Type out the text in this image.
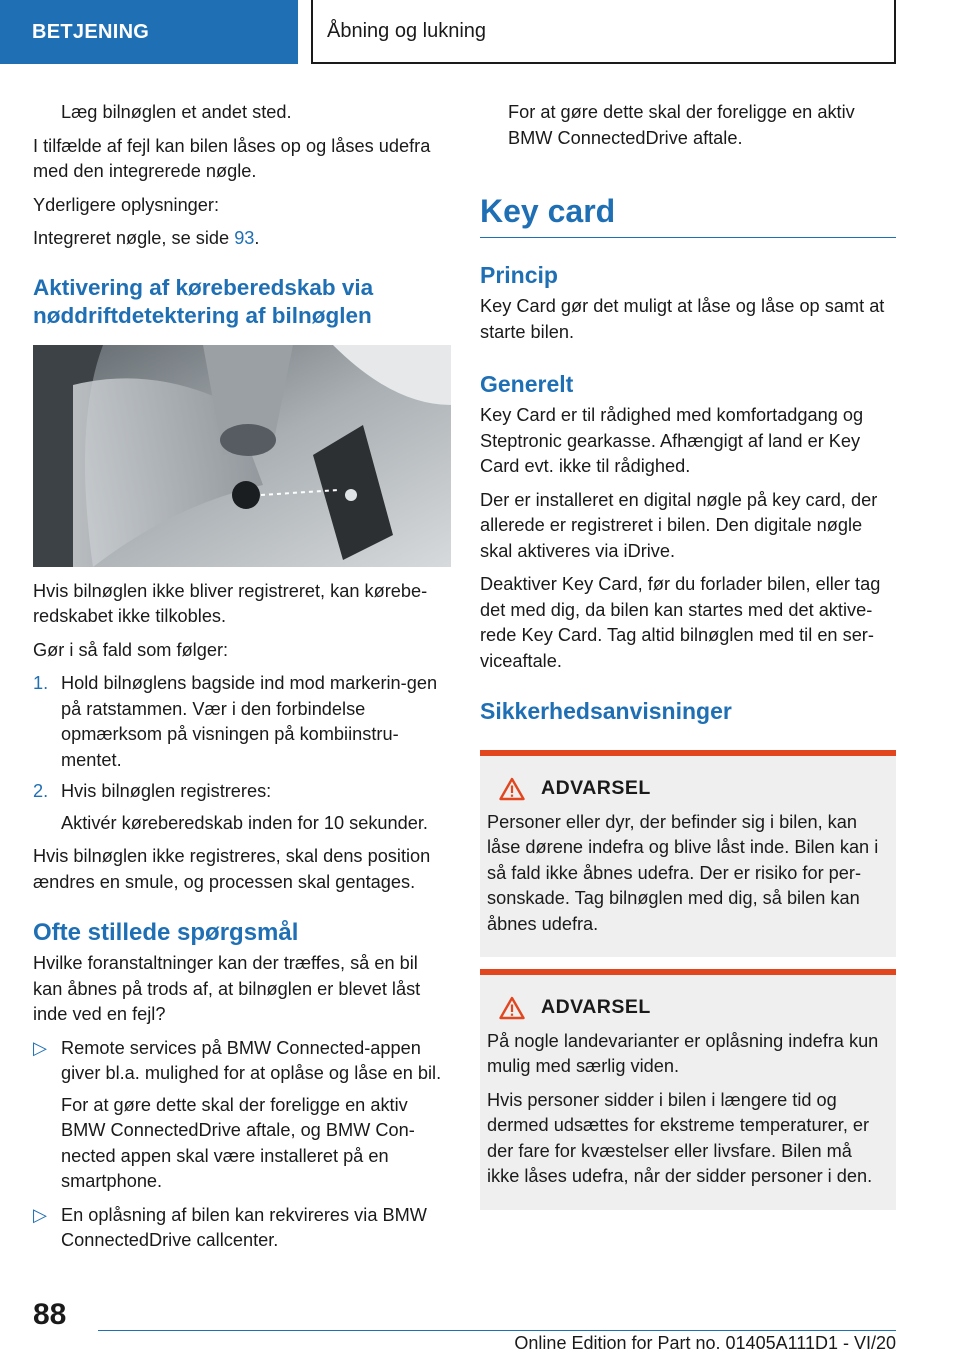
BETJENING	Åbning og lukning

Læg bilnøglen et andet sted.

I tilfælde af fejl kan bilen låses op og låses udefra med den integrerede nøgle.

Yderligere oplysninger:

Integreret nøgle, se side 93.

Aktivering af køreberedskab via nøddriftdetektering af bilnøglen

Hvis bilnøglen ikke bliver registreret, kan kørebe‐redskabet ikke tilkobles.

Gør i så fald som følger:

1. Hold bilnøglens bagside ind mod markerin‐gen på ratstammen. Vær i den forbindelse opmærksom på visningen på kombiinstru‐mentet.
2. Hvis bilnøglen registreres:

Aktivér køreberedskab inden for 10 sekunder.

Hvis bilnøglen ikke registreres, skal dens position ændres en smule, og processen skal gentages.

Ofte stillede spørgsmål

Hvilke foranstaltninger kan der træffes, så en bil kan åbnes på trods af, at bilnøglen er blevet låst inde ved en fejl?

▷ Remote services på BMW Connected-appen giver bl.a. mulighed for at oplåse og låse en bil.

For at gøre dette skal der foreligge en aktiv BMW ConnectedDrive aftale, og BMW Con‐nected appen skal være installeret på en smartphone.

▷ En oplåsning af bilen kan rekvireres via BMW ConnectedDrive callcenter.

For at gøre dette skal der foreligge en aktiv BMW ConnectedDrive aftale.

Key card
Princip

Key Card gør det muligt at låse og låse op samt at starte bilen.

Generelt

Key Card er til rådighed med komfortadgang og Steptronic gearkasse. Afhængigt af land er Key Card evt. ikke til rådighed.

Der er installeret en digital nøgle på key card, der allerede er registreret i bilen. Den digitale nøgle skal aktiveres via iDrive.

Deaktiver Key Card, før du forlader bilen, eller tag det med dig, da bilen kan startes med det aktive‐rede Key Card. Tag altid bilnøglen med til en ser‐viceaftale.

Sikkerhedsanvisninger
ADVARSEL

Personer eller dyr, der befinder sig i bilen, kan låse dørene indefra og blive låst inde. Bilen kan i så fald ikke åbnes udefra. Der er risiko for per‐sonskade. Tag bilnøglen med dig, så bilen kan åbnes udefra.

ADVARSEL

På nogle landevarianter er oplåsning indefra kun mulig med særlig viden.

Hvis personer sidder i bilen i længere tid og dermed udsættes for ekstreme temperaturer, er der fare for kvæstelser eller livsfare. Bilen må ikke låses udefra, når der sidder personer i den.

88
Online Edition for Part no. 01405A111D1 - VI/20
